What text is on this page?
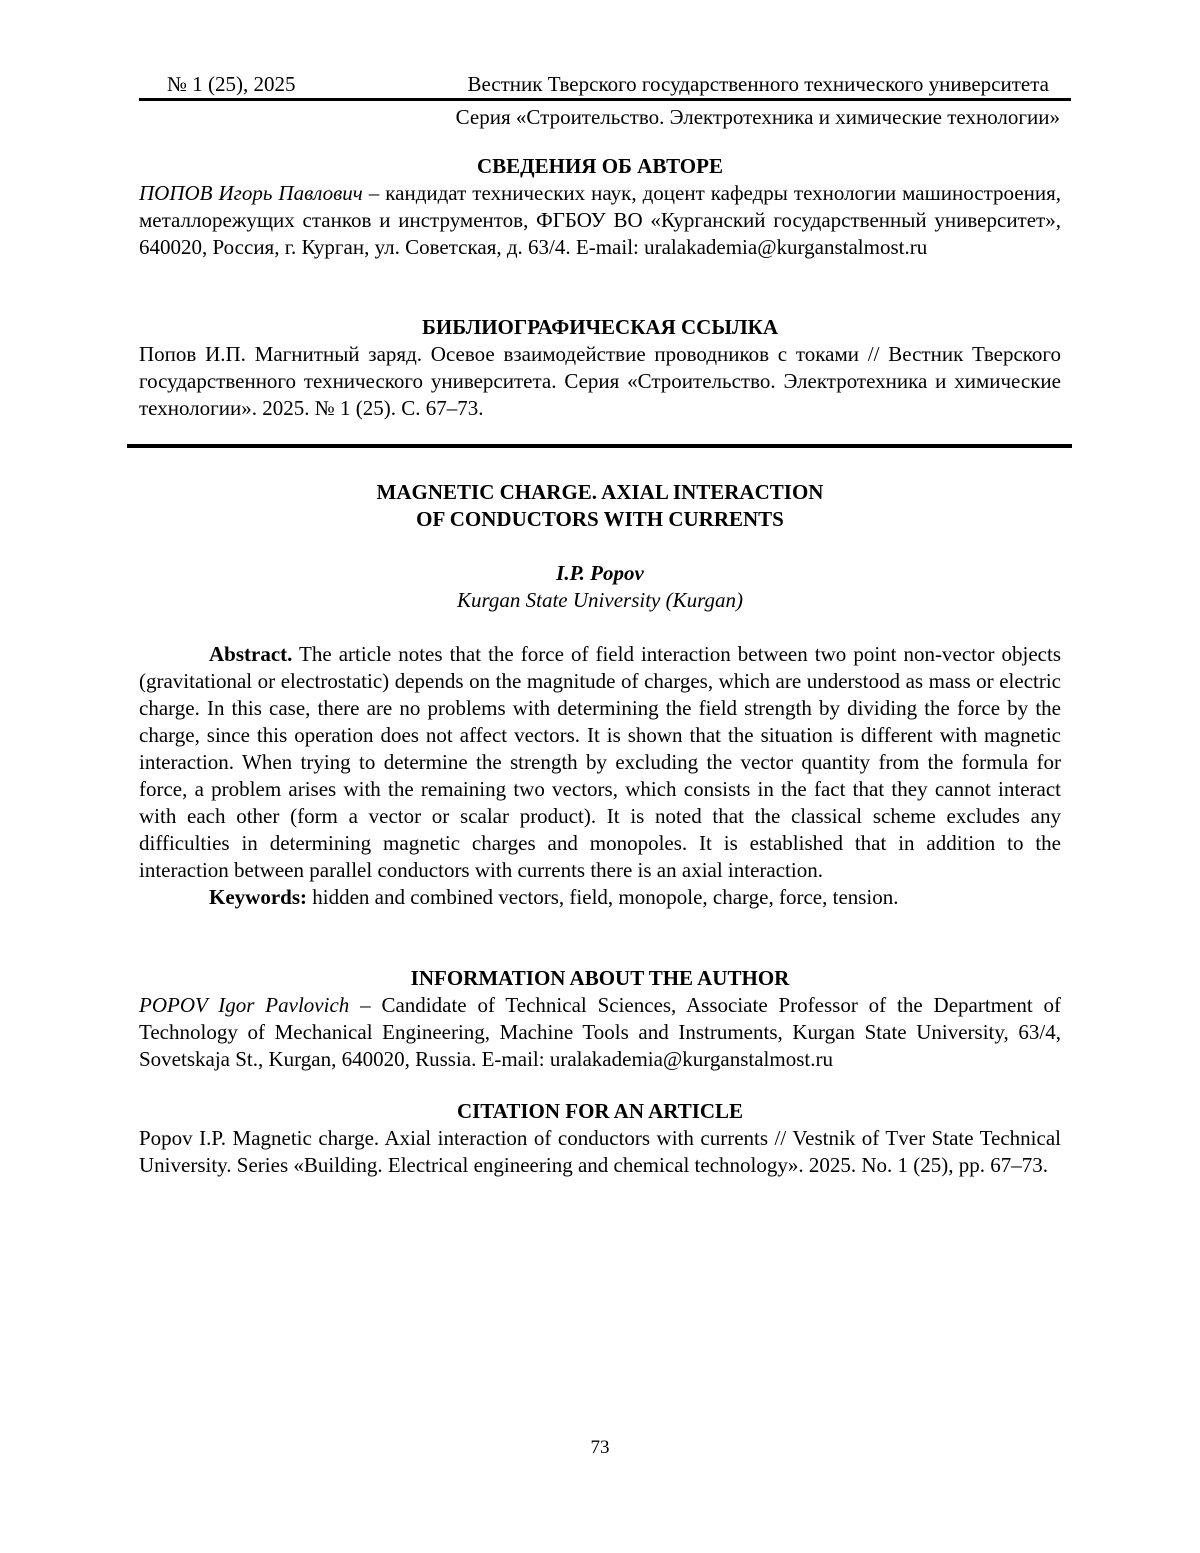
№ 1 (25), 2025	Вестник Тверского государственного технического университета
Серия «Строительство. Электротехника и химические технологии»

СВЕДЕНИЯ ОБ АВТОРЕ

ПОПОВ Игорь Павлович – кандидат технических наук, доцент кафедры технологии машиностроения, металлорежущих станков и инструментов, ФГБОУ ВО «Курганский государственный университет», 640020, Россия, г. Курган, ул. Советская, д. 63/4. E-mail: uralakademia@kurganstalmost.ru

БИБЛИОГРАФИЧЕСКАЯ ССЫЛКА

Попов И.П. Магнитный заряд. Осевое взаимодействие проводников с токами // Вестник Тверского государственного технического университета. Серия «Строительство. Электротехника и химические технологии». 2025. № 1 (25). С. 67–73.

MAGNETIC CHARGE. AXIAL INTERACTION

OF CONDUCTORS WITH CURRENTS

I.P. Popov

Kurgan State University (Kurgan)

Abstract. The article notes that the force of field interaction between two point non-vector objects (gravitational or electrostatic) depends on the magnitude of charges, which are understood as mass or electric charge. In this case, there are no problems with determining the field strength by dividing the force by the charge, since this operation does not affect vectors. It is shown that the situation is different with magnetic interaction. When trying to determine the strength by excluding the vector quantity from the formula for force, a problem arises with the remaining two vectors, which consists in the fact that they cannot interact with each other (form a vector or scalar product). It is noted that the classical scheme excludes any difficulties in determining magnetic charges and monopoles. It is established that in addition to the interaction between parallel conductors with currents there is an axial interaction.

Keywords: hidden and combined vectors, field, monopole, charge, force, tension.

INFORMATION ABOUT THE AUTHOR

POPOV Igor Pavlovich – Candidate of Technical Sciences, Associate Professor of the Department of Technology of Mechanical Engineering, Machine Tools and Instruments, Kurgan State University, 63/4, Sovetskaja St., Kurgan, 640020, Russia. E-mail: uralakademia@kurganstalmost.ru

CITATION FOR AN ARTICLE

Popov I.P. Magnetic charge. Axial interaction of conductors with currents // Vestnik of Tver State Technical University. Series «Building. Electrical engineering and chemical technology». 2025. No. 1 (25), pp. 67–73.

73
